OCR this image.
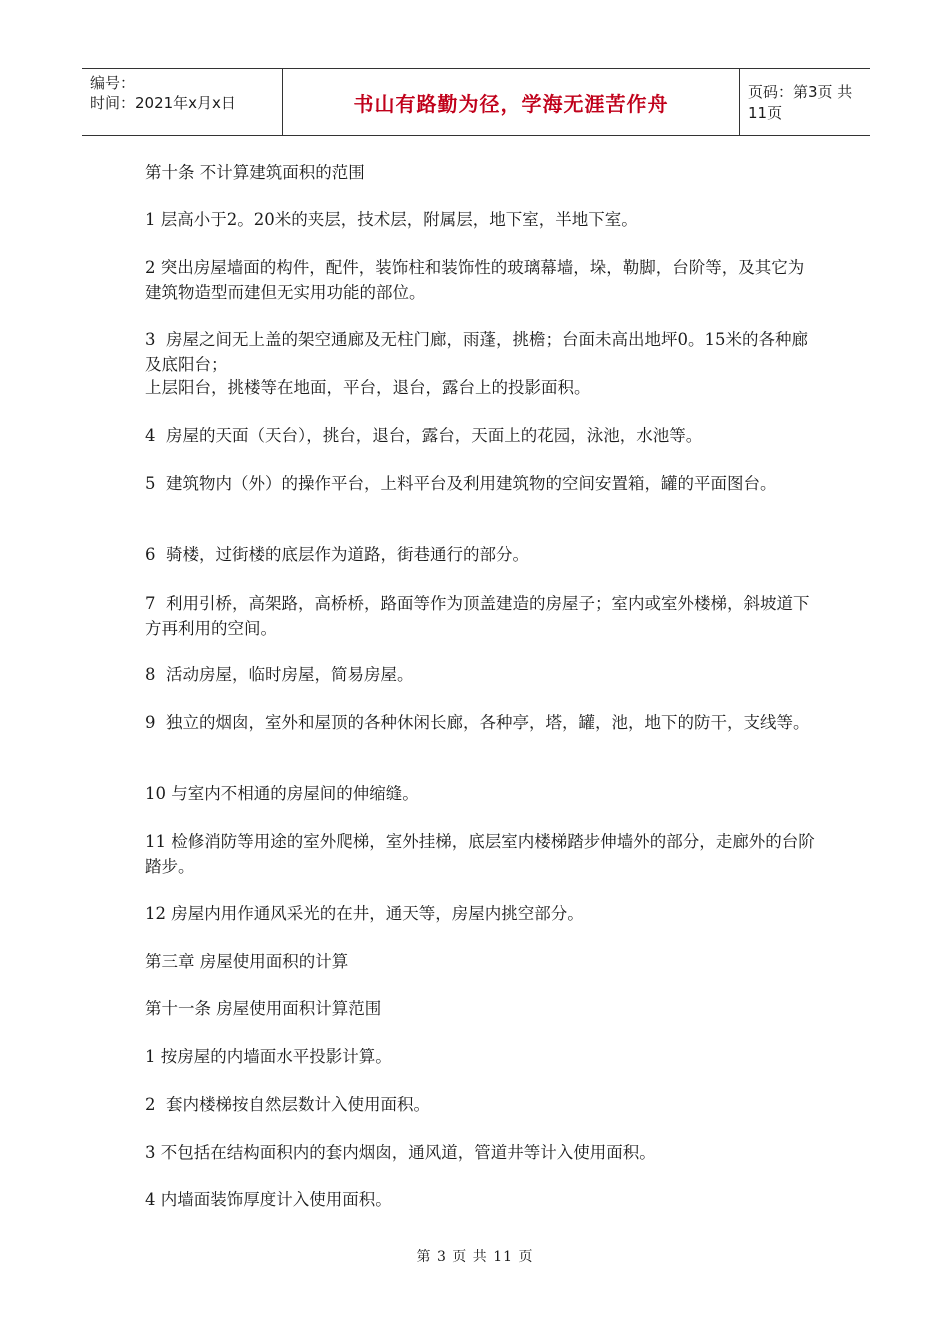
编号：
时间：2021年x月x日	书山有路勤为径，学海无涯苦作舟	页码：第3页 共11页

第十条 不计算建筑面积的范围

1 层高小于2。20米的夹层，技术层，附属层，地下室，半地下室。

2 突出房屋墙面的构件，配件，装饰柱和装饰性的玻璃幕墙，垛，勒脚，台阶等，及其它为建筑物造型而建但无实用功能的部位。

3  房屋之间无上盖的架空通廊及无柱门廊，雨蓬，挑檐；台面未高出地坪0。15米的各种廊及底阳台；

上层阳台，挑楼等在地面，平台，退台，露台上的投影面积。

4  房屋的天面（天台），挑台，退台，露台，天面上的花园，泳池，水池等。

5  建筑物内（外）的操作平台，上料平台及利用建筑物的空间安置箱，罐的平面图台。

6  骑楼，过街楼的底层作为道路，街巷通行的部分。

7  利用引桥，高架路，高桥桥，路面等作为顶盖建造的房屋子；室内或室外楼梯，斜坡道下方再利用的空间。

8  活动房屋，临时房屋，简易房屋。

9  独立的烟囱，室外和屋顶的各种休闲长廊，各种亭，塔，罐，池，地下的防干，支线等。

10 与室内不相通的房屋间的伸缩缝。

11 检修消防等用途的室外爬梯，室外挂梯，底层室内楼梯踏步伸墙外的部分，走廊外的台阶踏步。

12 房屋内用作通风采光的在井，通天等，房屋内挑空部分。

第三章 房屋使用面积的计算

第十一条 房屋使用面积计算范围

1 按房屋的内墙面水平投影计算。

2  套内楼梯按自然层数计入使用面积。

3 不包括在结构面积内的套内烟囱，通风道，管道井等计入使用面积。

4 内墙面装饰厚度计入使用面积。

第 3 页 共 11 页
